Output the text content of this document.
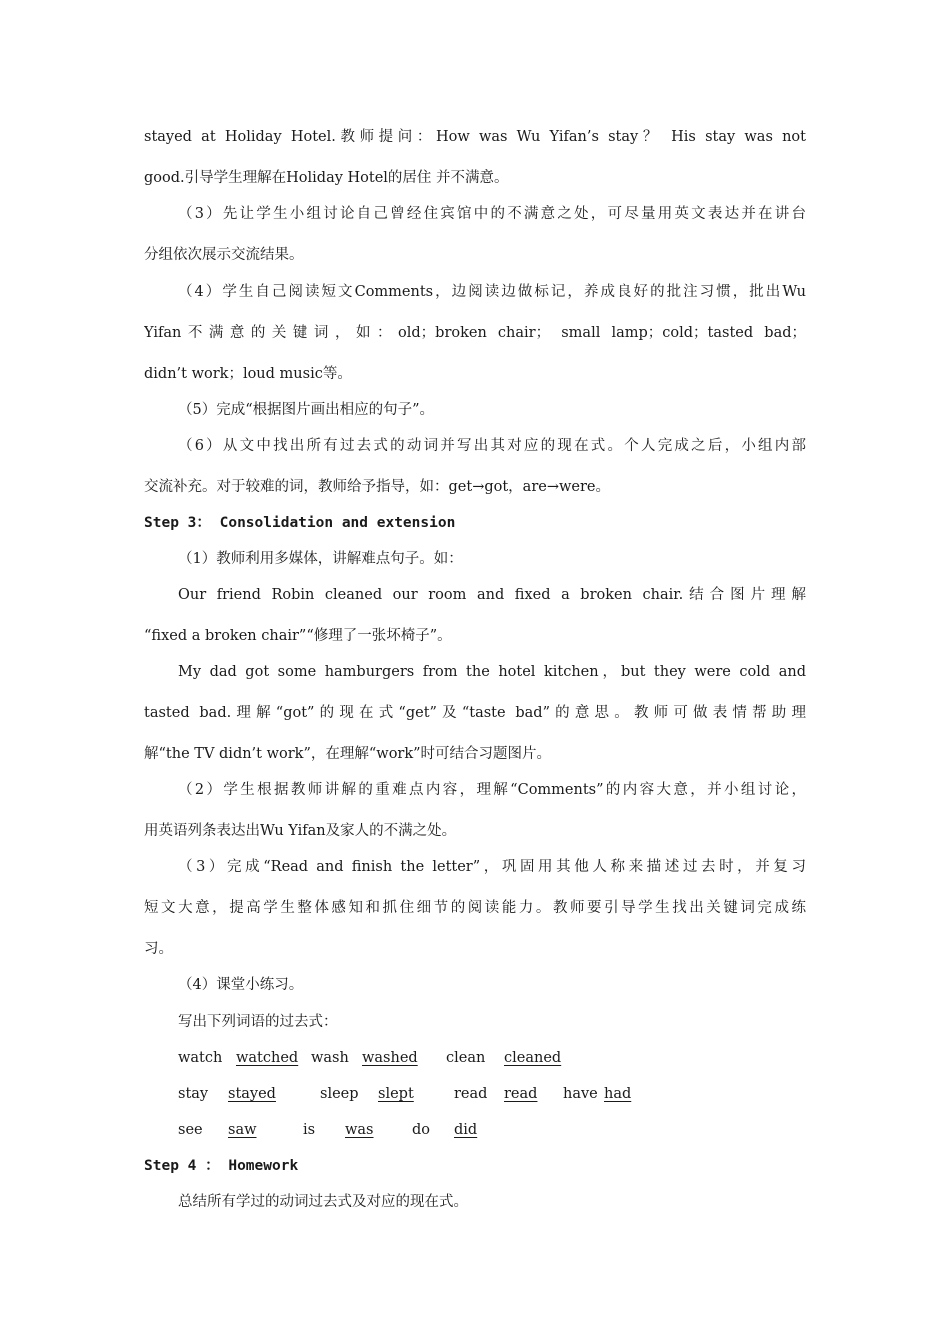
stayed at Holiday Hotel.教师提问：How was Wu Yifan’s stay？ His stay was not
good.引导学生理解在Holiday Hotel的居住 并不满意。
（3）先让学生小组讨论自己曾经住宾馆中的不满意之处，可尽量用英文表达并在讲台
分组依次展示交流结果。
（4）学生自己阅读短文Comments，边阅读边做标记，养成良好的批注习惯，批出Wu
Yifan不满意的关键词，如：old；broken chair； small lamp；cold；tasted bad；
didn’t work；loud music等。
（5）完成“根据图片画出相应的句子”。
（6）从文中找出所有过去式的动词并写出其对应的现在式。个人完成之后，小组内部
交流补充。对于较难的词，教师给予指导，如：get→got，are→were。
Step 3： Consolidation and extension
（1）教师利用多媒体，讲解难点句子。如：
Our friend Robin cleaned our room and fixed a broken chair.结合图片理解
“fixed a broken chair”“修理了一张坏椅子”。
My dad got some hamburgers from the hotel kitchen，but they were cold and
tasted bad.理解“got”的现在式“get”及“taste bad”的意思。教师可做表情帮助理
解“the TV didn’t work”，在理解“work”时可结合习题图片。
（2）学生根据教师讲解的重难点内容，理解“Comments”的内容大意，并小组讨论，
用英语列条表达出Wu Yifan及家人的不满之处。
（3）完成“Read and finish the letter”，巩固用其他人称来描述过去时，并复习
短文大意，提高学生整体感知和抓住细节的阅读能力。教师要引导学生找出关键词完成练
习。
（4）课堂小练习。
写出下列词语的过去式：
watch watched wash washed clean cleaned
stay stayed	sleep slept	read read have had
see saw	is was	do did
Step 4 ： Homework
总结所有学过的动词过去式及对应的现在式。
